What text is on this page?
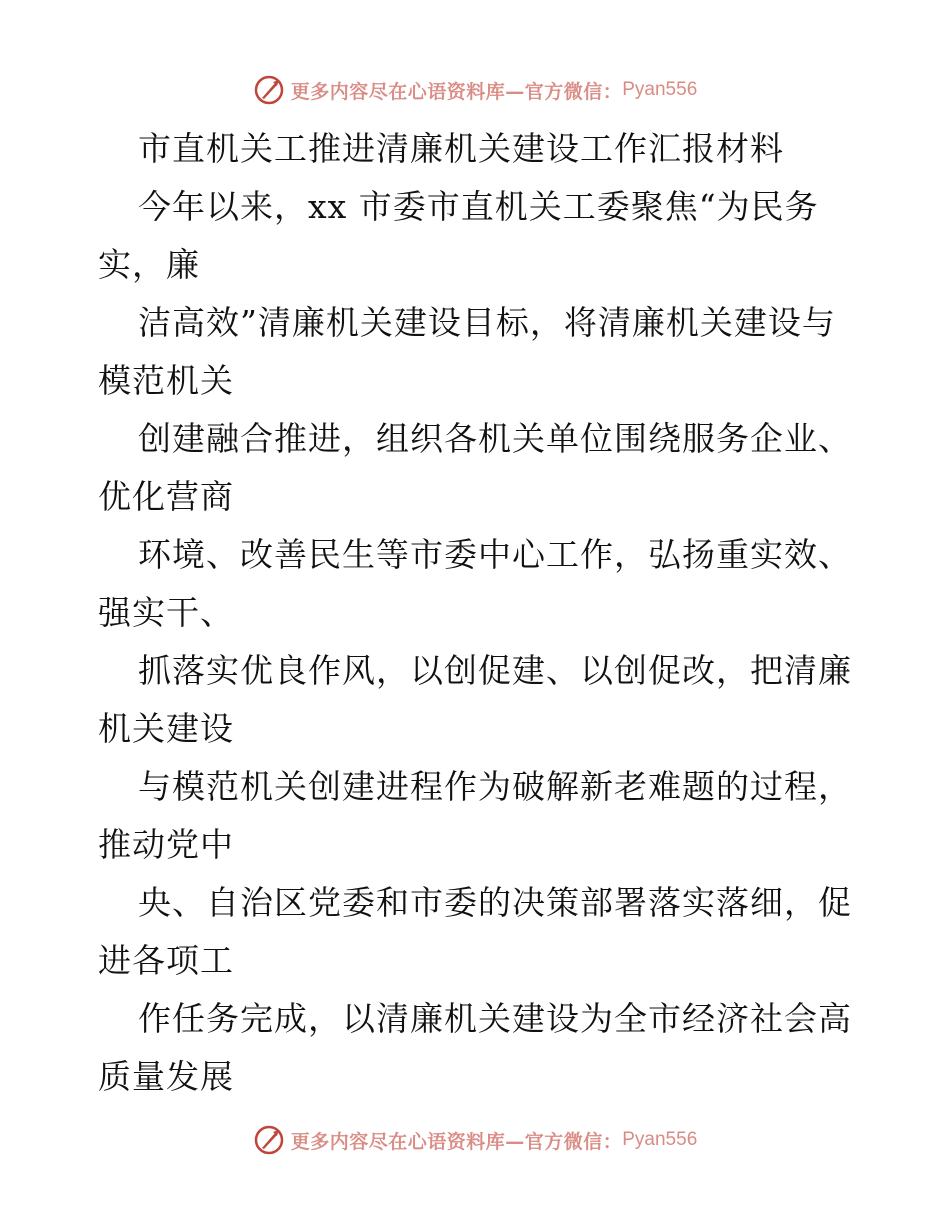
更多内容尽在心语资料库—官方微信： Pyan556
市直机关工推进清廉机关建设工作汇报材料
今年以来，xx 市委市直机关工委聚焦“为民务
实，廉
洁高效”清廉机关建设目标，将清廉机关建设与
模范机关
创建融合推进，组织各机关单位围绕服务企业、
优化营商
环境、改善民生等市委中心工作，弘扬重实效、
强实干、
抓落实优良作风，以创促建、以创促改，把清廉
机关建设
与模范机关创建进程作为破解新老难题的过程，
推动党中
央、自治区党委和市委的决策部署落实落细，促
进各项工
作任务完成，以清廉机关建设为全市经济社会高
质量发展
更多内容尽在心语资料库—官方微信： Pyan556
